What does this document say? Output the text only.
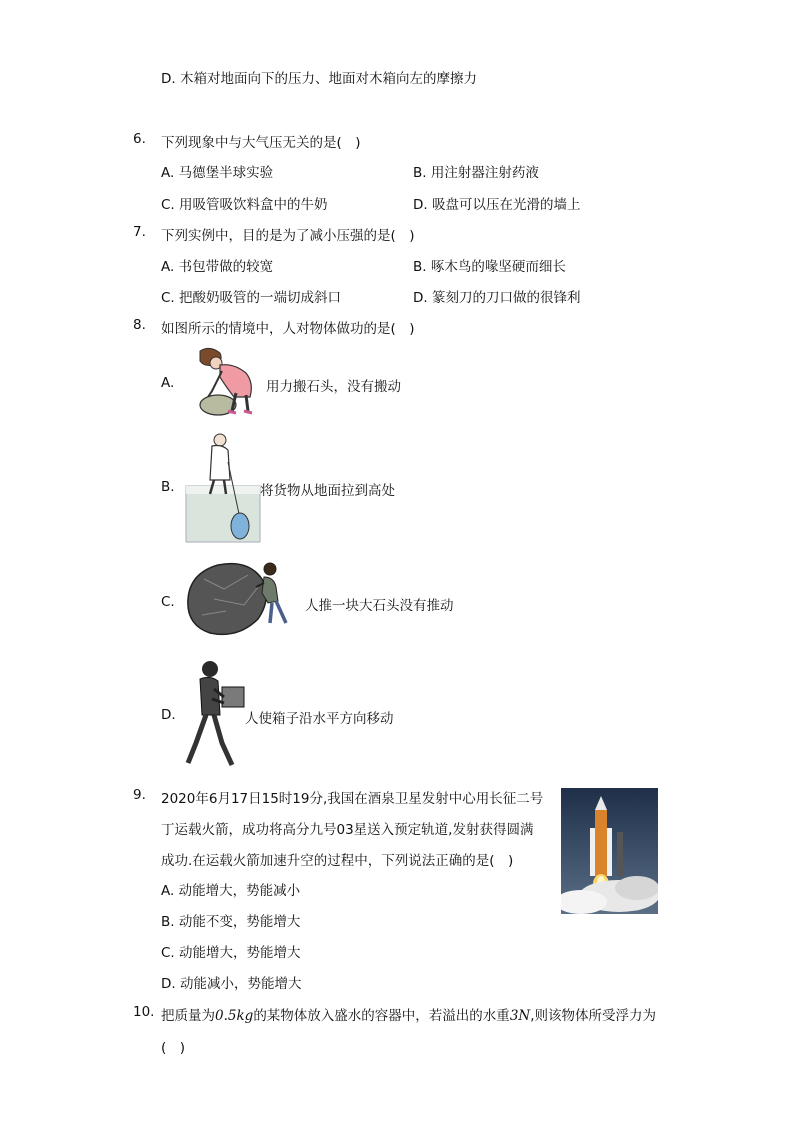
D. 木箱对地面向下的压力、地面对木箱向左的摩擦力
6. 下列现象中与大气压无关的是(　)
A. 马德堡半球实验	B. 用注射器注射药液
C. 用吸管吸饮料盒中的牛奶	D. 吸盘可以压在光滑的墙上
7. 下列实例中，目的是为了减小压强的是(　)
A. 书包带做的较宽	B. 啄木鸟的喙坚硬而细长
C. 把酸奶吸管的一端切成斜口	D. 篆刻刀的刀口做的很锋利
8. 如图所示的情境中，人对物体做功的是(　)
A.	用力搬石头，没有搬动
B.	将货物从地面拉到高处
C.	人推一块大石头没有推动
D.	人使箱子沿水平方向移动
9. 2020年6月17日15时19分,我国在酒泉卫星发射中心用长征二号
丁运载火箭，成功将高分九号03星送入预定轨道,发射获得圆满
成功.在运载火箭加速升空的过程中，下列说法正确的是(　)
A. 动能增大，势能减小
B. 动能不变，势能增大
C. 动能增大，势能增大
D. 动能减小，势能增大
10. 把质量为0.5kg的某物体放入盛水的容器中，若溢出的水重3N,则该物体所受浮力为
(　)
